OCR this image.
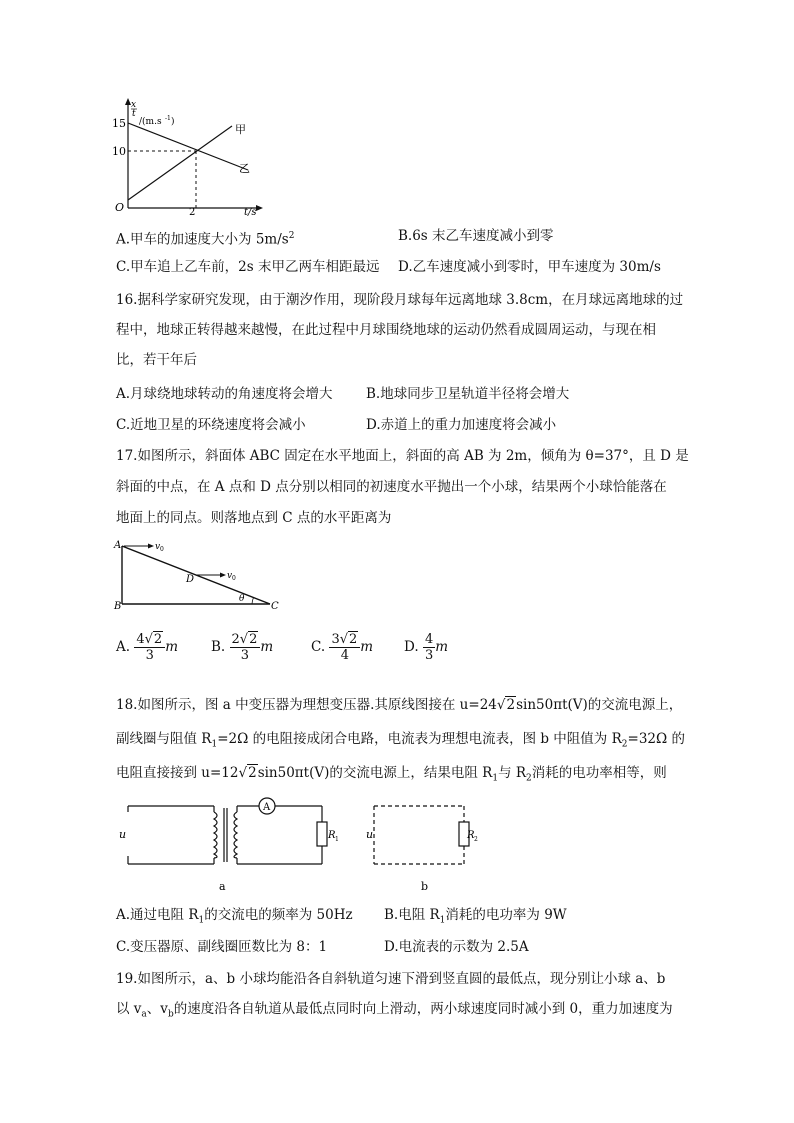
x
t
/(m.s -1 )
15
10
O	2	t/s
甲
乙
A.甲车的加速度大小为 $5m/s^2$	B.6s 末乙车速度减小到零
C.甲车追上乙车前，2s 末甲乙两车相距最远 D.乙车速度减小到零时，甲车速度为 30m/s
16.据科学家研究发现，由于潮汐作用，现阶段月球每年远离地球 3.8cm，在月球远离地球的过
程中，地球正转得越来越慢，在此过程中月球围绕地球的运动仍然看成圆周运动，与现在相
比，若干年后
A.月球绕地球转动的角速度将会增大 B.地球同步卫星轨道半径将会增大
C.近地卫星的环绕速度将会减小	D.赤道上的重力加速度将会减小
17.如图所示，斜面体 ABC 固定在水平地面上，斜面的高 AB 为 2m，倾角为 θ=37°，且 D 是
斜面的中点，在 A 点和 D 点分别以相同的初速度水平抛出一个小球，结果两个小球恰能落在
地面上的同点。则落地点到 C 点的水平距离为
A
B	C
D
v 0
v 0
θ
A. $\frac{4√2}{3}$ m B. $\frac{2√2}{3}$ m	C. $\frac{3√2}{4}$ m D. $\frac{4}{3}$ m
18.如图所示，图 a 中变压器为理想变压器.其原线图接在 u=24√2sin50πt(V)的交流电源上，
副线圈与阻值 $R_1=2\Omega$ 的电阻接成闭合电路，电流表为理想电流表，图 b 中阻值为 $R_2=32\Omega$ 的
电阻直接接到 u=12√2sin50πt(V)的交流电源上，结果电阻 $R_1$与 $R_2$消耗的电功率相等，则
u
A
R 1
a
u	R 2
b
A.通过电阻 $R_1$的交流电的频率为 50Hz B.电阻 $R_1$消耗的电功率为 9W
C.变压器原、副线圈匝数比为 8：1	D.电流表的示数为 2.5A
19.如图所示，a、b 小球均能沿各自斜轨道匀速下滑到竖直圆的最低点，现分别让小球 a、b
以 $v_a$、$v_b$的速度沿各自轨道从最低点同时向上滑动，两小球速度同时减小到 0，重力加速度为
